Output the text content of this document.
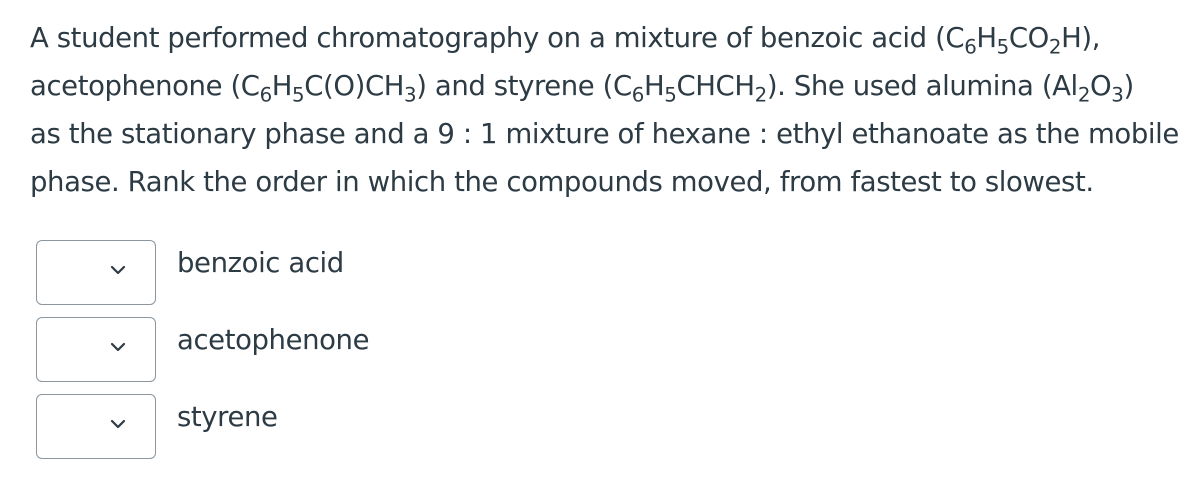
A student performed chromatography on a mixture of benzoic acid $(C_6H_5CO_2H)$,
acetophenone $(C_6H_5C(O)CH_3)$ and styrene $(C_6H_5CHCH_2)$. She used alumina $(Al_2O_3)$
as the stationary phase and a 9 : 1 mixture of hexane : ethyl ethanoate as the mobile
phase. Rank the order in which the compounds moved, from fastest to slowest.
benzoic acid
acetophenone
styrene
